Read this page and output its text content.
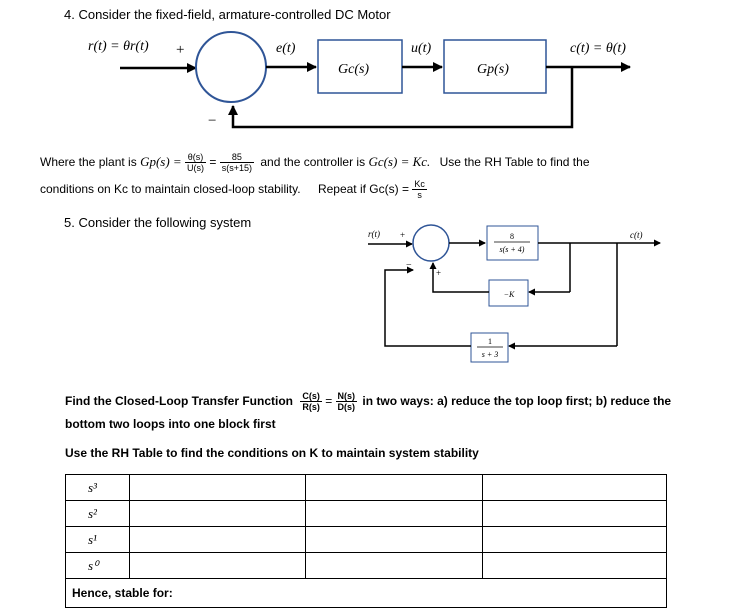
4. Consider the fixed-field, armature-controlled DC Motor
r(t) = θr(t) +
−
e(t)
Gc(s)
u(t)
Gp(s)
c(t) = θ(t)
Where the plant is $Gp(s) = \frac{\theta(s)}{U(s)} = \frac{85}{s(s+15)}$ and the controller is Gc(s) = Kc. Use the RH Table to find the
conditions on Kc to maintain closed-loop stability. Repeat if $Gc(s) = \frac{Kc}{s}$
5. Consider the following system
r(t) +
−
+
8
s(s + 4)
−K
1
s + 3
c(t)
Find the Closed-Loop Transfer Function $\frac{C(s)}{R(s)} = \frac{N(s)}{D(s)}$ in two ways: a) reduce the top loop first; b) reduce the
bottom two loops into one block first
Use the RH Table to find the conditions on K to maintain system stability
s³			
s²			
s¹			
s⁰			
Hence, stable for:			
